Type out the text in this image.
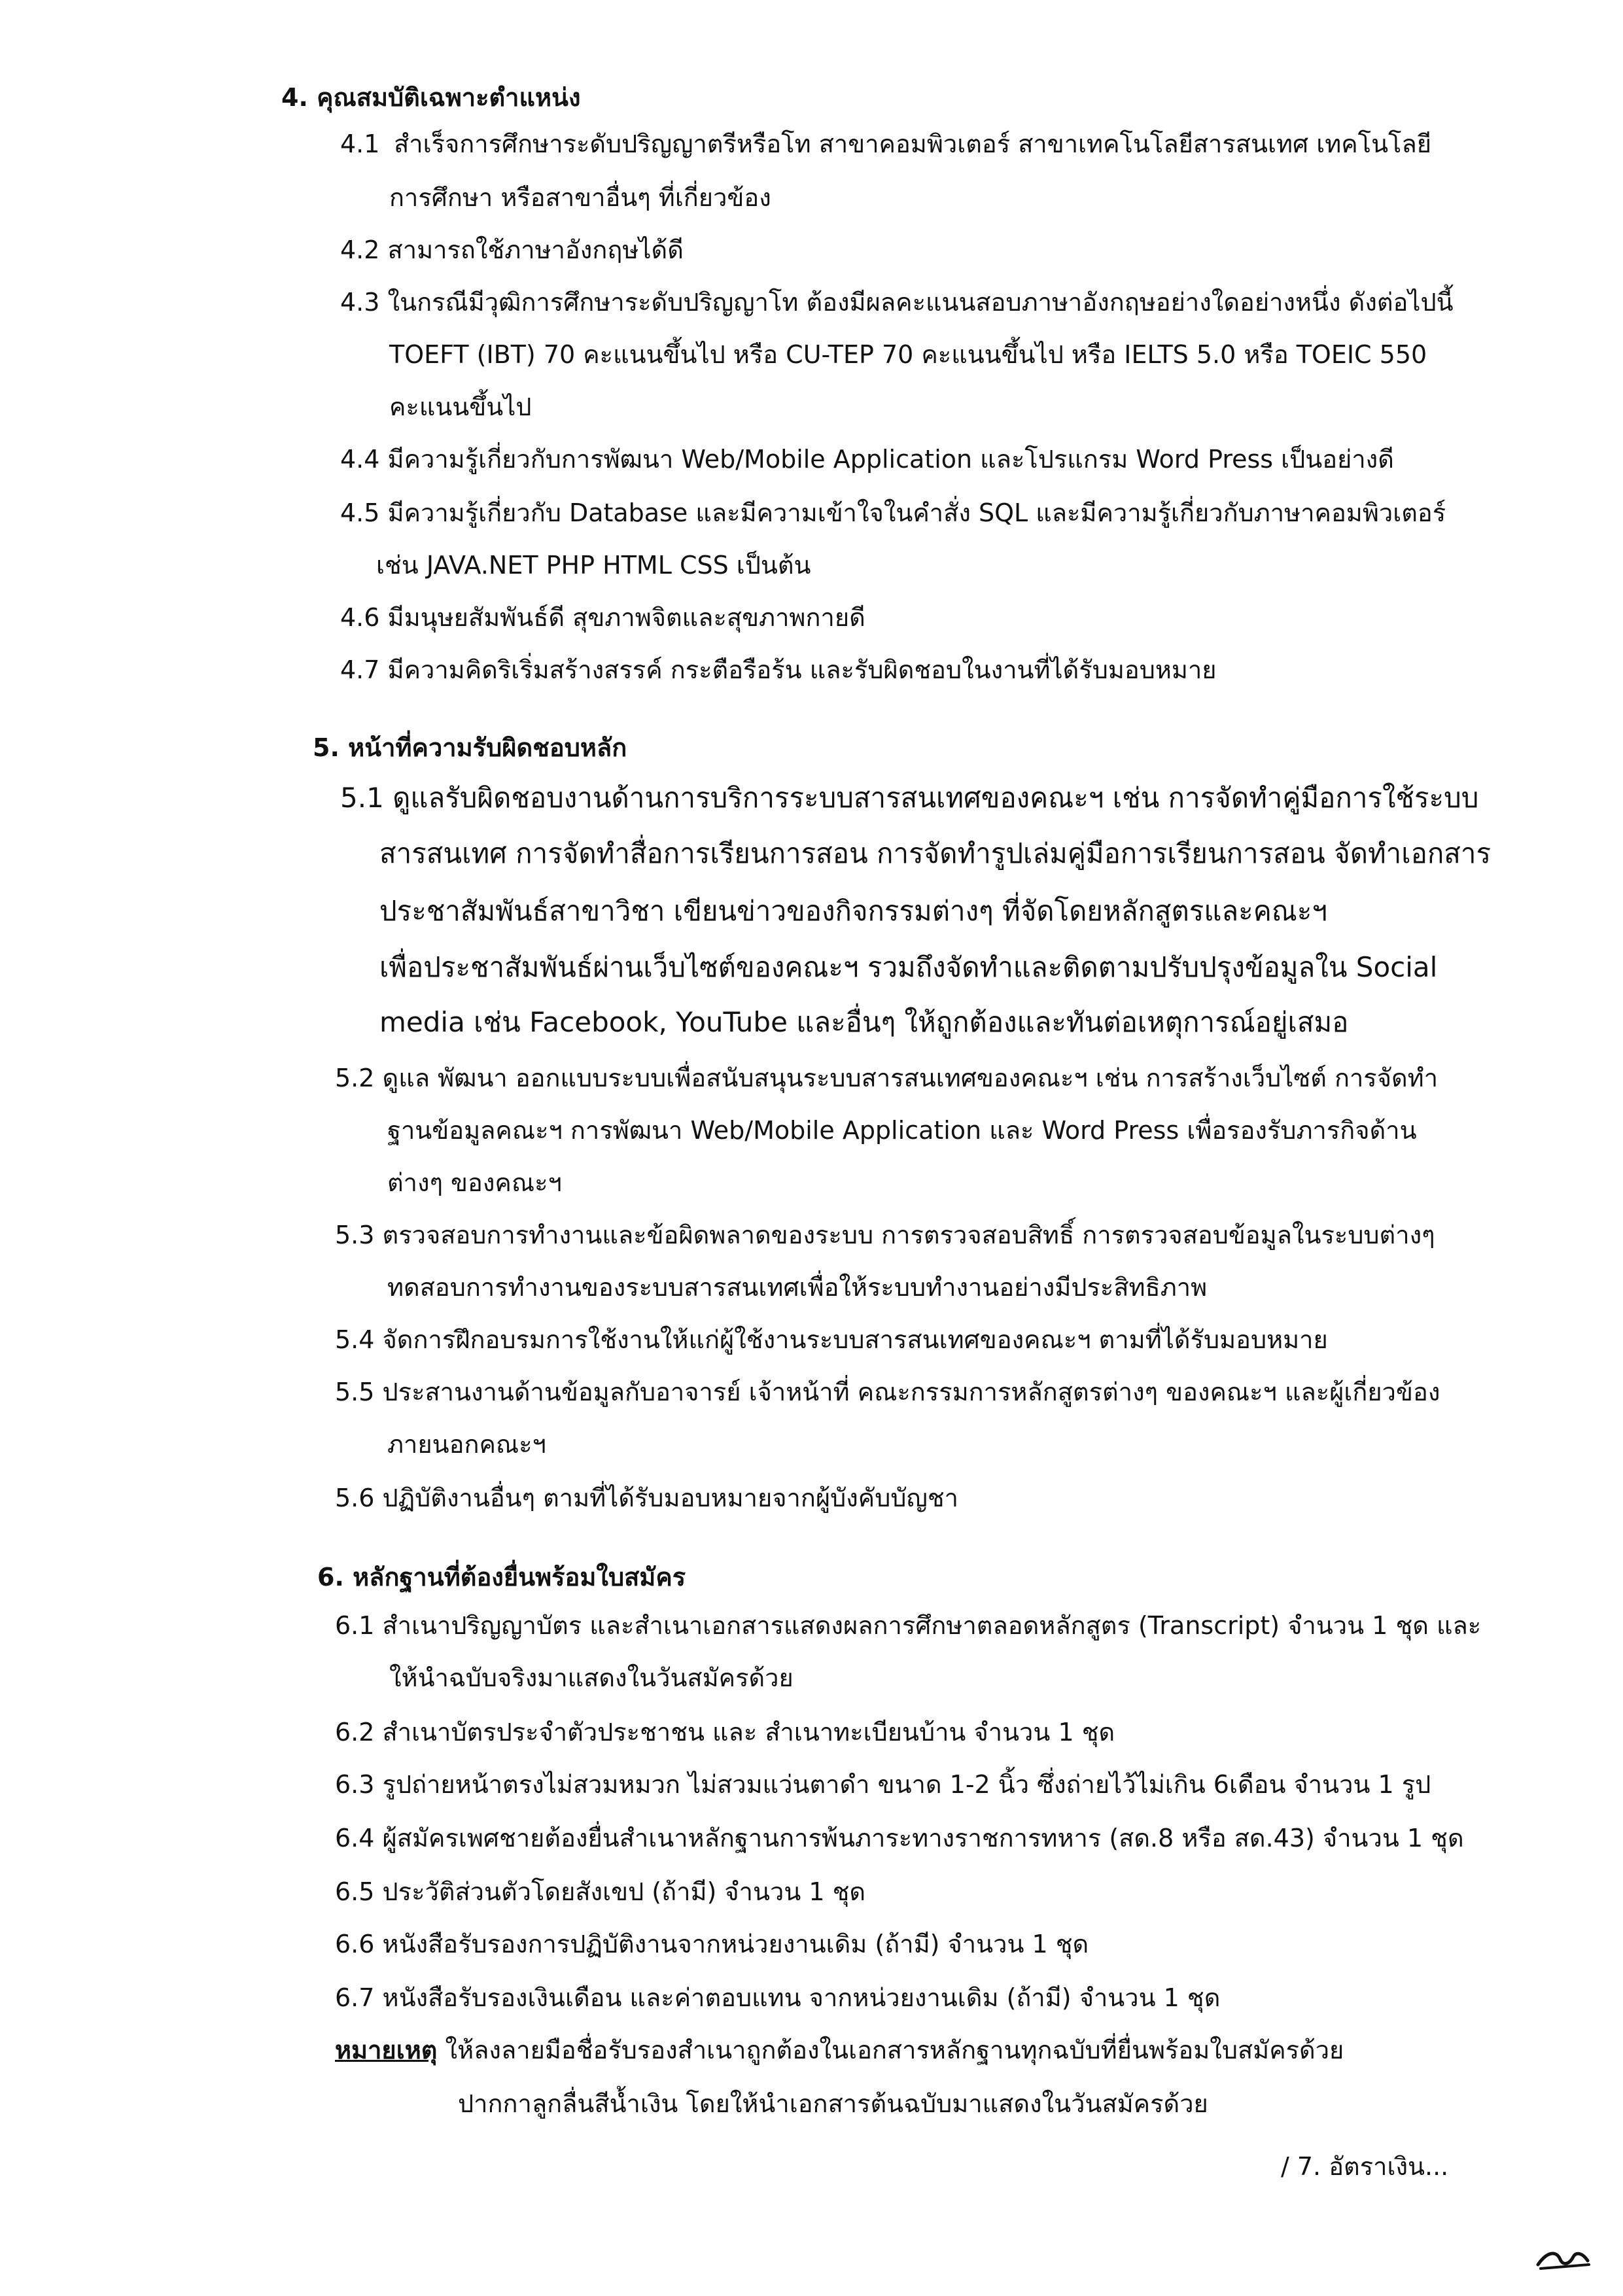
4. คุณสมบัติเฉพาะตำแหน่ง
4.1 สำเร็จการศึกษาระดับปริญญาตรีหรือโท สาขาคอมพิวเตอร์ สาขาเทคโนโลยีสารสนเทศ เทคโนโลยี
การศึกษา หรือสาขาอื่นๆ ที่เกี่ยวข้อง
4.2 สามารถใช้ภาษาอังกฤษได้ดี
4.3 ในกรณีมีวุฒิการศึกษาระดับปริญญาโท ต้องมีผลคะแนนสอบภาษาอังกฤษอย่างใดอย่างหนึ่ง ดังต่อไปนี้
TOEFT (IBT) 70 คะแนนขึ้นไป หรือ CU-TEP 70 คะแนนขึ้นไป หรือ IELTS 5.0 หรือ TOEIC 550
คะแนนขึ้นไป
4.4 มีความรู้เกี่ยวกับการพัฒนา Web/Mobile Application และโปรแกรม Word Press เป็นอย่างดี
4.5 มีความรู้เกี่ยวกับ Database และมีความเข้าใจในคำสั่ง SQL และมีความรู้เกี่ยวกับภาษาคอมพิวเตอร์
เช่น JAVA.NET PHP HTML CSS เป็นต้น
4.6 มีมนุษยสัมพันธ์ดี สุขภาพจิตและสุขภาพกายดี
4.7 มีความคิดริเริ่มสร้างสรรค์ กระตือรือร้น และรับผิดชอบในงานที่ได้รับมอบหมาย
5. หน้าที่ความรับผิดชอบหลัก
5.1 ดูแลรับผิดชอบงานด้านการบริการระบบสารสนเทศของคณะฯ เช่น การจัดทำคู่มือการใช้ระบบ
สารสนเทศ การจัดทำสื่อการเรียนการสอน การจัดทำรูปเล่มคู่มือการเรียนการสอน จัดทำเอกสาร
ประชาสัมพันธ์สาขาวิชา เขียนข่าวของกิจกรรมต่างๆ ที่จัดโดยหลักสูตรและคณะฯ
เพื่อประชาสัมพันธ์ผ่านเว็บไซต์ของคณะฯ รวมถึงจัดทำและติดตามปรับปรุงข้อมูลใน Social
media เช่น Facebook, YouTube และอื่นๆ ให้ถูกต้องและทันต่อเหตุการณ์อยู่เสมอ
5.2 ดูแล พัฒนา ออกแบบระบบเพื่อสนับสนุนระบบสารสนเทศของคณะฯ เช่น การสร้างเว็บไซต์ การจัดทำ
ฐานข้อมูลคณะฯ การพัฒนา Web/Mobile Application และ Word Press เพื่อรองรับภารกิจด้าน
ต่างๆ ของคณะฯ
5.3 ตรวจสอบการทำงานและข้อผิดพลาดของระบบ การตรวจสอบสิทธิ์ การตรวจสอบข้อมูลในระบบต่างๆ
ทดสอบการทำงานของระบบสารสนเทศเพื่อให้ระบบทำงานอย่างมีประสิทธิภาพ
5.4 จัดการฝึกอบรมการใช้งานให้แก่ผู้ใช้งานระบบสารสนเทศของคณะฯ ตามที่ได้รับมอบหมาย
5.5 ประสานงานด้านข้อมูลกับอาจารย์ เจ้าหน้าที่ คณะกรรมการหลักสูตรต่างๆ ของคณะฯ และผู้เกี่ยวข้อง
ภายนอกคณะฯ
5.6 ปฏิบัติงานอื่นๆ ตามที่ได้รับมอบหมายจากผู้บังคับบัญชา
6. หลักฐานที่ต้องยื่นพร้อมใบสมัคร
6.1 สำเนาปริญญาบัตร และสำเนาเอกสารแสดงผลการศึกษาตลอดหลักสูตร (Transcript) จำนวน 1 ชุด และ
ให้นำฉบับจริงมาแสดงในวันสมัครด้วย
6.2 สำเนาบัตรประจำตัวประชาชน และ สำเนาทะเบียนบ้าน จำนวน 1 ชุด
6.3 รูปถ่ายหน้าตรงไม่สวมหมวก ไม่สวมแว่นตาดำ ขนาด 1-2 นิ้ว ซึ่งถ่ายไว้ไม่เกิน 6เดือน จำนวน 1 รูป
6.4 ผู้สมัครเพศชายต้องยื่นสำเนาหลักฐานการพ้นภาระทางราชการทหาร (สด.8 หรือ สด.43) จำนวน 1 ชุด
6.5 ประวัติส่วนตัวโดยสังเขป (ถ้ามี) จำนวน 1 ชุด
6.6 หนังสือรับรองการปฏิบัติงานจากหน่วยงานเดิม (ถ้ามี) จำนวน 1 ชุด
6.7 หนังสือรับรองเงินเดือน และค่าตอบแทน จากหน่วยงานเดิม (ถ้ามี) จำนวน 1 ชุด
หมายเหตุ ให้ลงลายมือชื่อรับรองสำเนาถูกต้องในเอกสารหลักฐานทุกฉบับที่ยื่นพร้อมใบสมัครด้วย
ปากกาลูกลื่นสีน้ำเงิน โดยให้นำเอกสารต้นฉบับมาแสดงในวันสมัครด้วย
/ 7. อัตราเงิน...
